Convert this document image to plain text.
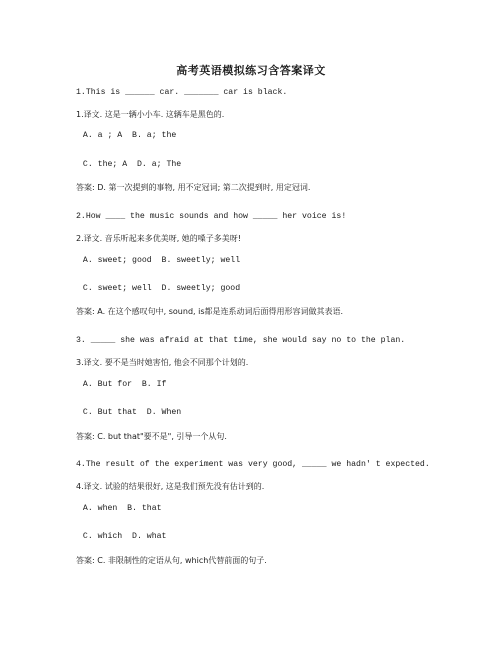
高考英语模拟练习含答案译文
1.This is ______ car. _______ car is black.
1.译文. 这是一辆小小车. 这辆车是黑色的.
A. a ; A  B. a; the
C. the; A  D. a; The
答案: D. 第一次提到的事物, 用不定冠词; 第二次提到时, 用定冠词.
2.How ____ the music sounds and how _____ her voice is!
2.译文. 音乐听起来多优美呀, 她的嗓子多美呀!
A. sweet; good  B. sweetly; well
C. sweet; well  D. sweetly; good
答案: A. 在这个感叹句中, sound, is都是连系动词后面得用形容词做其表语.
3. _____ she was afraid at that time, she would say no to the plan.
3.译文. 要不是当时她害怕, 他会不同那个计划的.
A. But for  B. If
C. But that  D. When
答案: C. but that"要不是", 引导一个从句.
4.The result of the experiment was very good, _____ we hadn' t expected.
4.译文. 试验的结果很好, 这是我们预先没有估计到的.
A. when  B. that
C. which  D. what
答案: C. 非限制性的定语从句, which代替前面的句子.
